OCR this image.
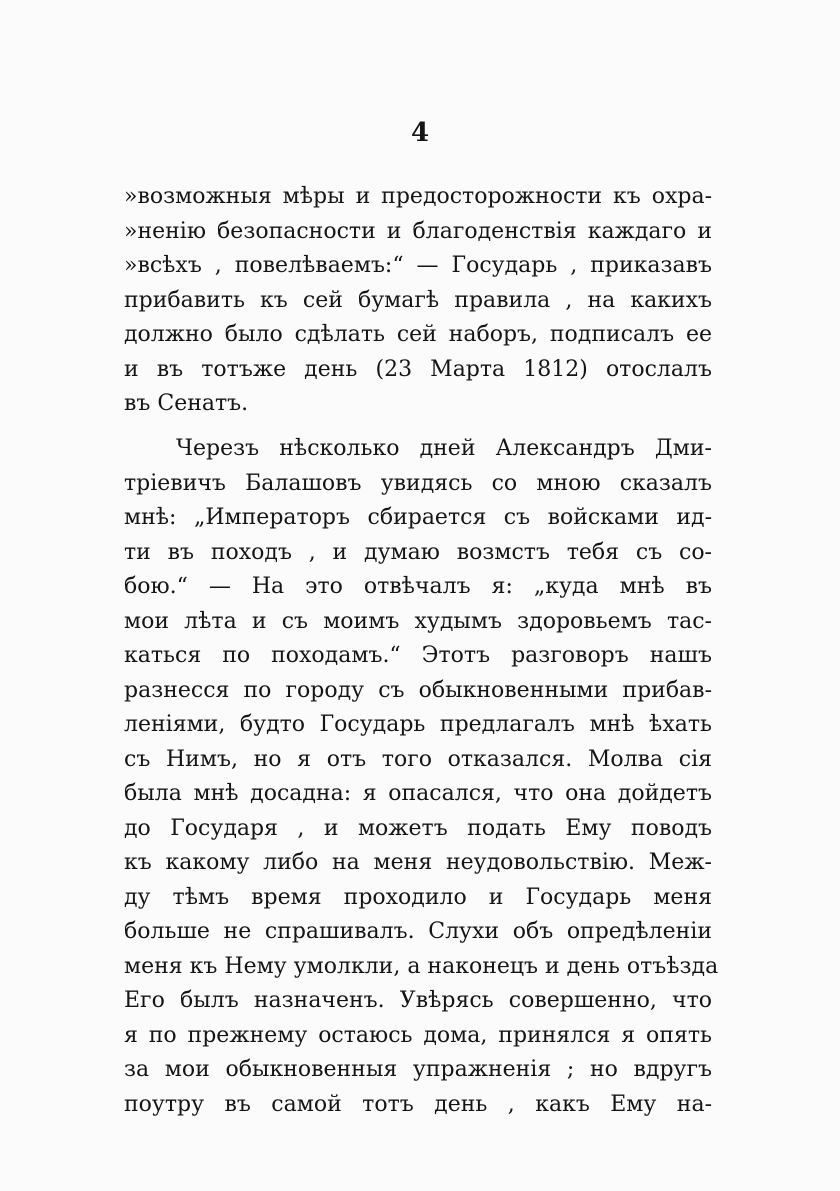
4
»возможныя мѣры и предосторожности къ охра-
»ненію безопасности и благоденствія каждаго и
»всѣхъ , повелѣваемъ:“ — Государь , приказавъ
прибавить къ сей бумагѣ правила , на какихъ
должно было сдѣлать сей наборъ, подписалъ ее
и въ тотъже день (23 Марта 1812) отослалъ
въ Сенатъ.
Черезъ нѣсколько дней Александръ Дми-
тріевичъ Балашовъ увидясь со мною сказалъ
мнѣ: „Императоръ сбирается съ войсками ид-
ти въ походъ , и думаю возмстъ тебя съ со-
бою.“ — На это отвѣчалъ я: „куда мнѣ въ
мои лѣта и съ моимъ худымъ здоровьемъ тас-
каться по походамъ.“ Этотъ разговоръ нашъ
разнесся по городу съ обыкновенными прибав-
леніями, будто Государь предлагалъ мнѣ ѣхать
съ Нимъ, но я отъ того отказался. Молва сія
была мнѣ досадна: я опасался, что она дойдетъ
до Государя , и можетъ подать Ему поводъ
къ какому либо на меня неудовольствію. Меж-
ду тѣмъ время проходило и Государь меня
больше не спрашивалъ. Слухи объ опредѣленіи
меня къ Нему умолкли, а наконецъ и день отъѣзда
Его былъ назначенъ. Увѣрясь совершенно, что
я по прежнему остаюсь дома, принялся я опять
за мои обыкновенныя упражненія ; но вдругъ
поутру въ самой тотъ день , какъ Ему на-
